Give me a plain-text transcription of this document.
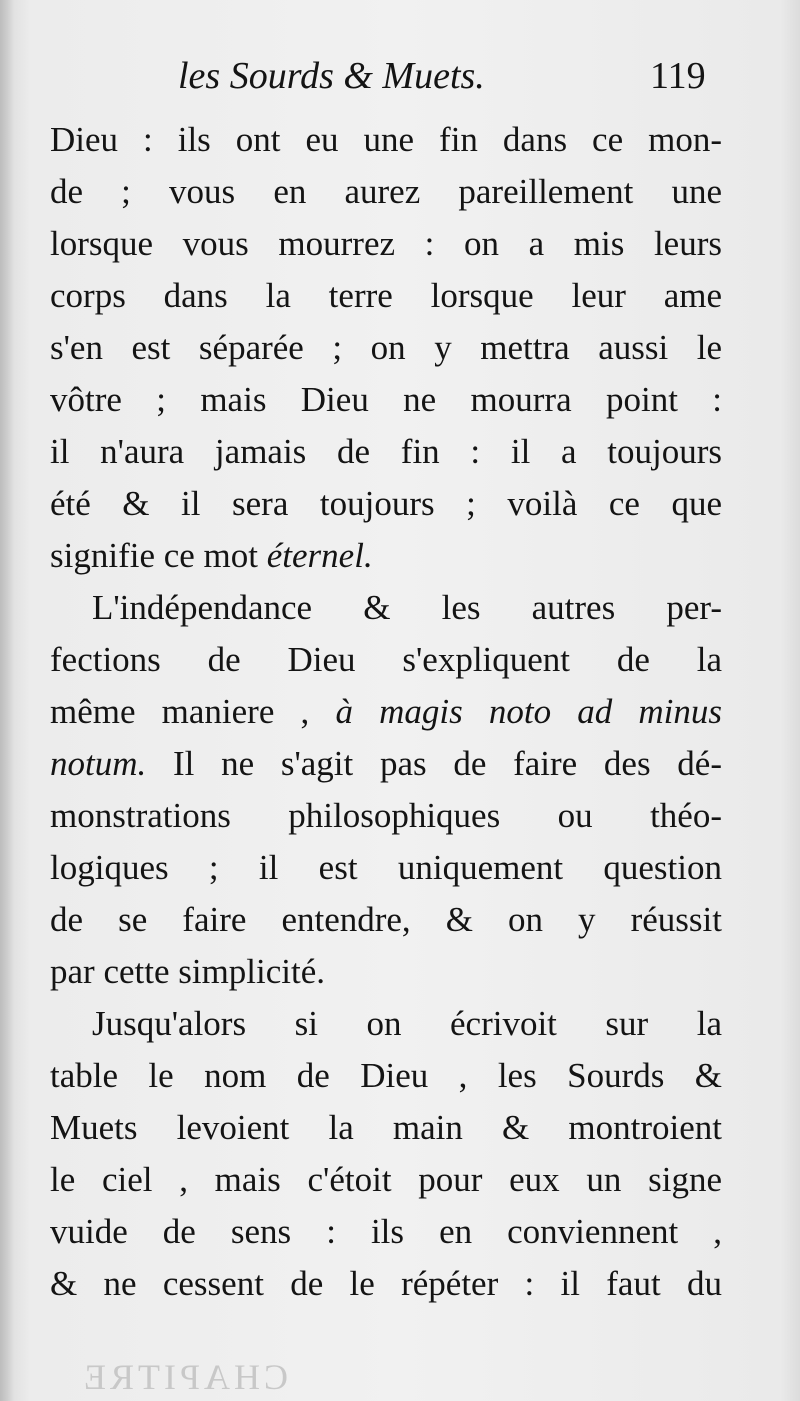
les Sourds & Muets.	119
Dieu : ils ont eu une fin dans ce mon-
de ; vous en aurez pareillement une
lorsque vous mourrez : on a mis leurs
corps dans la terre lorsque leur ame
s'en est séparée ; on y mettra aussi le
vôtre ; mais Dieu ne mourra point :
il n'aura jamais de fin : il a toujours
été & il sera toujours ; voilà ce que
signifie ce mot éternel.
L'indépendance & les autres per-
fections de Dieu s'expliquent de la
même maniere , à magis noto ad minus
notum. Il ne s'agit pas de faire des dé-
monstrations philosophiques ou théo-
logiques ; il est uniquement question
de se faire entendre, & on y réussit
par cette simplicité.
Jusqu'alors si on écrivoit sur la
table le nom de Dieu , les Sourds &
Muets levoient la main & montroient
le ciel , mais c'étoit pour eux un signe
vuide de sens : ils en conviennent ,
& ne cessent de le répéter : il faut du
CHAPITRE
